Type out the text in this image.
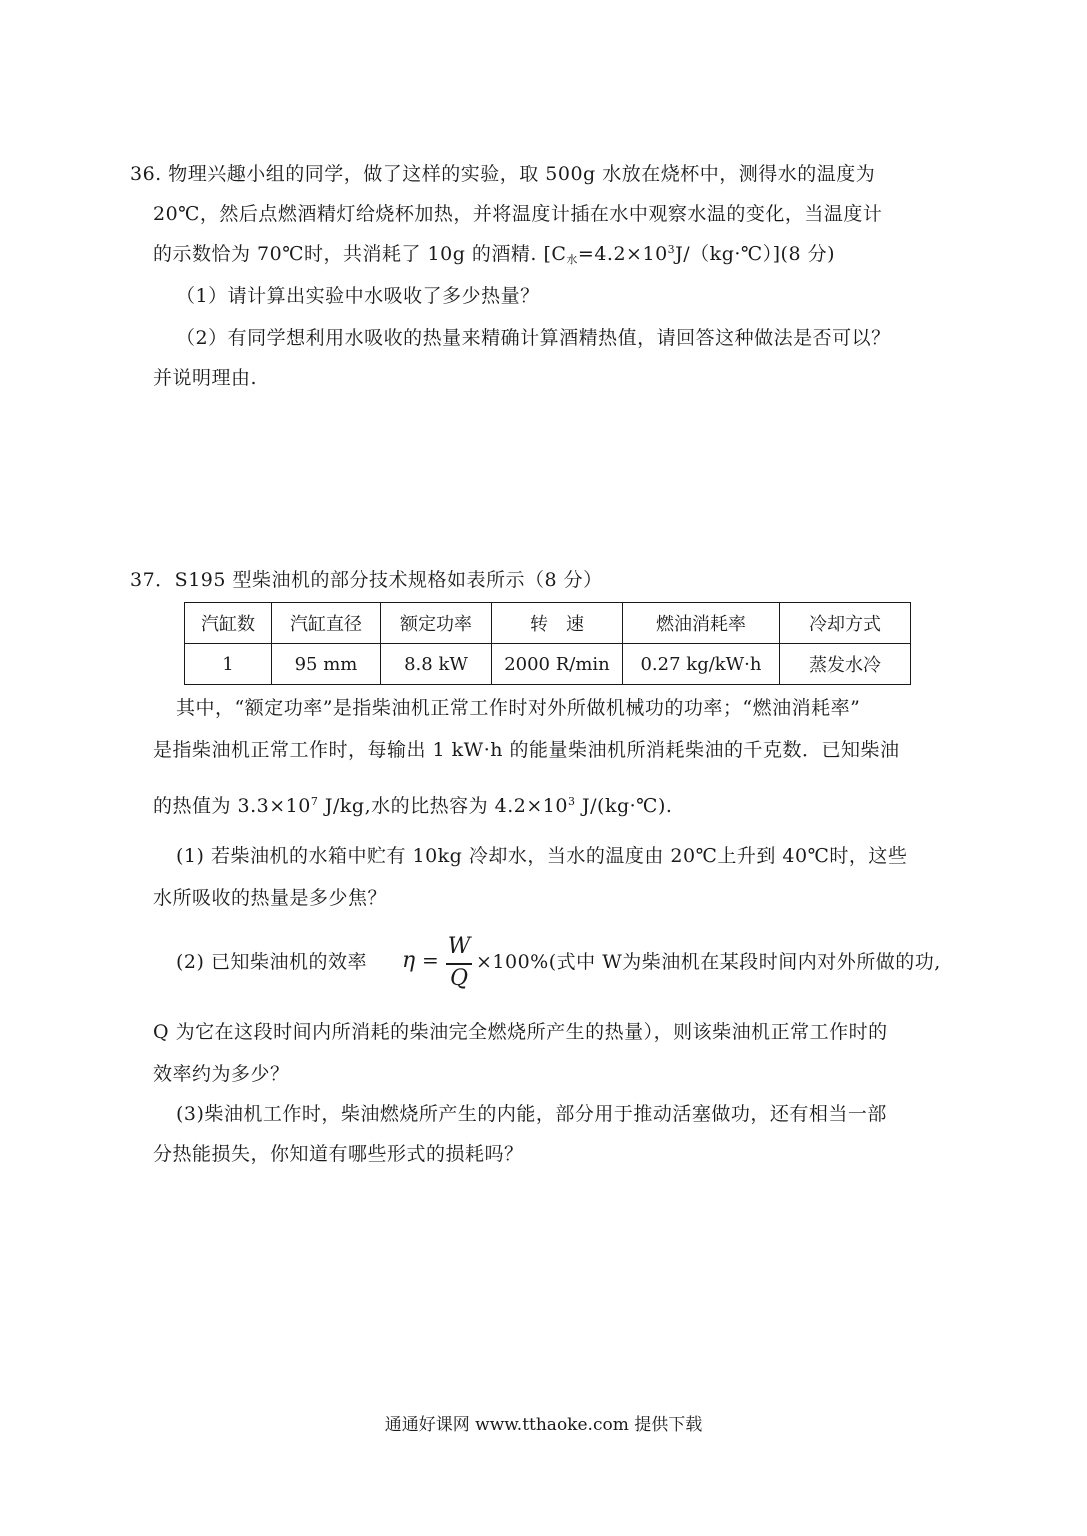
36. 物理兴趣小组的同学，做了这样的实验，取 500g 水放在烧杯中，测得水的温度为
20℃，然后点燃酒精灯给烧杯加热，并将温度计插在水中观察水温的变化，当温度计
的示数恰为 70℃时，共消耗了 10g 的酒精. $[C_水=4.2\times 10^3J/(kg\cdot℃)](8$ 分)
（1）请计算出实验中水吸收了多少热量？
（2）有同学想利用水吸收的热量来精确计算酒精热值，请回答这种做法是否可以？
并说明理由.
37．S195 型柴油机的部分技术规格如表所示（8 分）
汽缸数	汽缸直径	额定功率	转　速	燃油消耗率	冷却方式
1	95 mm	8.8 kW	2000 R/min	0.27 kg/kW·h	蒸发水冷
其中，“额定功率”是指柴油机正常工作时对外所做机械功的功率；“燃油消耗率”
是指柴油机正常工作时，每输出 1 kW·h 的能量柴油机所消耗柴油的千克数．已知柴油
的热值为 $3.3\times 10^7$ J/kg,水的比热容为 $4.2\times 10^3$ J/(kg·℃).
(1) 若柴油机的水箱中贮有 10kg 冷却水，当水的温度由 20℃上升到 40℃时，这些
水所吸收的热量是多少焦？
(2) 已知柴油机的效率 η =
W
Q
×100%(式中 W为柴油机在某段时间内对外所做的功,
Q 为它在这段时间内所消耗的柴油完全燃烧所产生的热量），则该柴油机正常工作时的
效率约为多少？
(3)柴油机工作时，柴油燃烧所产生的内能，部分用于推动活塞做功，还有相当一部
分热能损失，你知道有哪些形式的损耗吗？
通通好课网 www.tthaoke.com 提供下载
